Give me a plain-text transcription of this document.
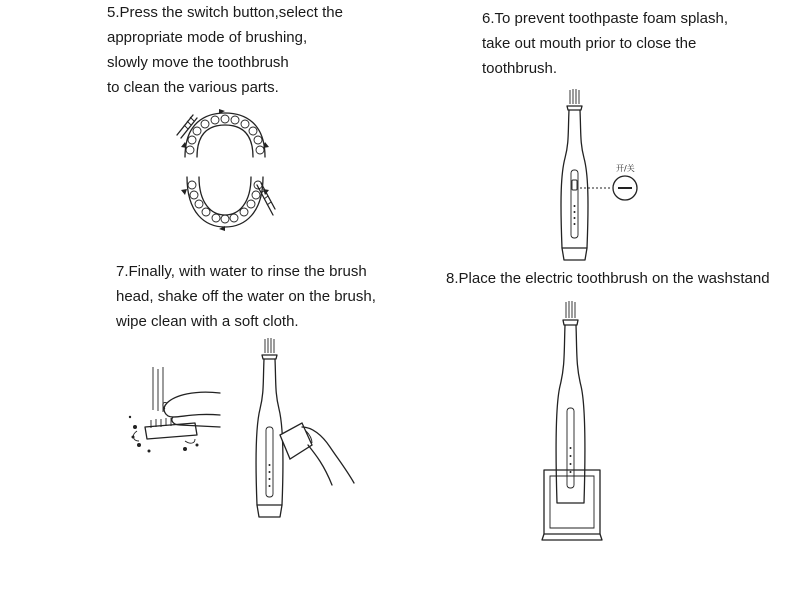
5.Press the switch button,select the
appropriate mode of brushing,
slowly move the toothbrush
to clean the various parts.
6.To prevent toothpaste foam splash,
take out mouth prior to close the
toothbrush.
7.Finally, with water to rinse the brush
head, shake off the water on the brush,
wipe clean with a soft cloth.
8.Place the electric toothbrush on the washstand
开/关
